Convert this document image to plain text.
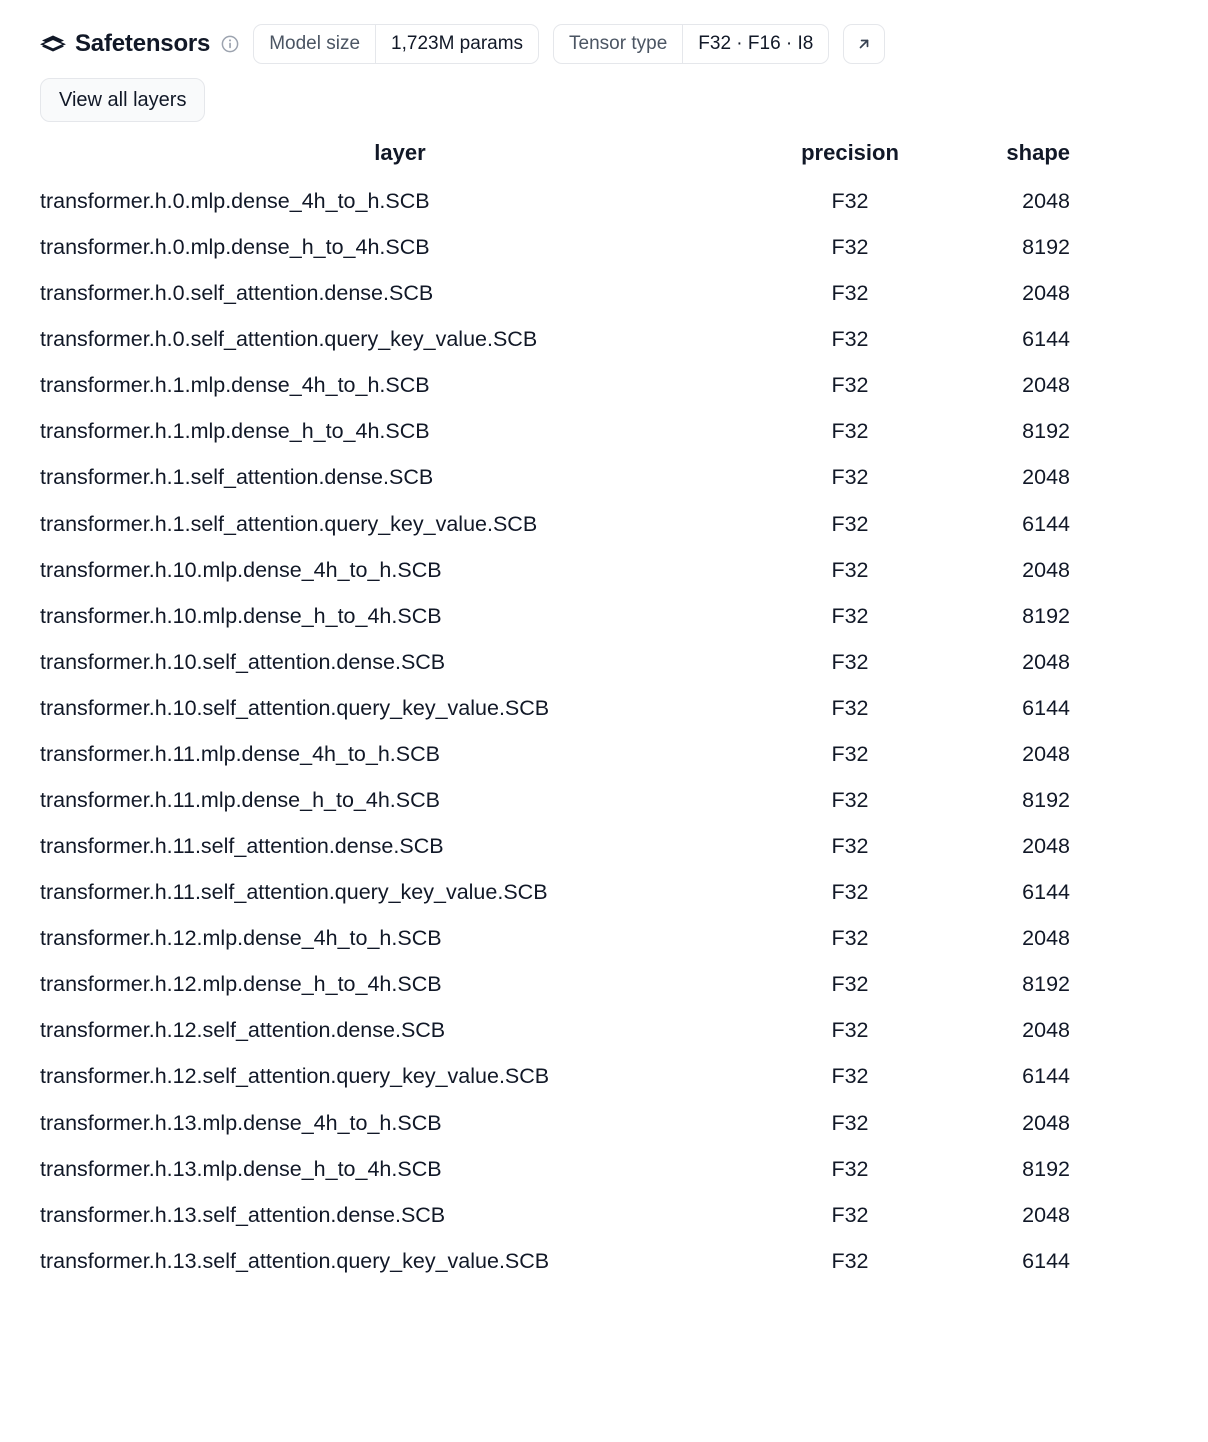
Safetensors	Model size	1,723M params	Tensor type	F32 · F16 · I8
View all layers
layer	precision	shape
transformer.h.0.mlp.dense_4h_to_h.SCB	F32	2048
transformer.h.0.mlp.dense_h_to_4h.SCB	F32	8192
transformer.h.0.self_attention.dense.SCB	F32	2048
transformer.h.0.self_attention.query_key_value.SCB	F32	6144
transformer.h.1.mlp.dense_4h_to_h.SCB	F32	2048
transformer.h.1.mlp.dense_h_to_4h.SCB	F32	8192
transformer.h.1.self_attention.dense.SCB	F32	2048
transformer.h.1.self_attention.query_key_value.SCB	F32	6144
transformer.h.10.mlp.dense_4h_to_h.SCB	F32	2048
transformer.h.10.mlp.dense_h_to_4h.SCB	F32	8192
transformer.h.10.self_attention.dense.SCB	F32	2048
transformer.h.10.self_attention.query_key_value.SCB	F32	6144
transformer.h.11.mlp.dense_4h_to_h.SCB	F32	2048
transformer.h.11.mlp.dense_h_to_4h.SCB	F32	8192
transformer.h.11.self_attention.dense.SCB	F32	2048
transformer.h.11.self_attention.query_key_value.SCB	F32	6144
transformer.h.12.mlp.dense_4h_to_h.SCB	F32	2048
transformer.h.12.mlp.dense_h_to_4h.SCB	F32	8192
transformer.h.12.self_attention.dense.SCB	F32	2048
transformer.h.12.self_attention.query_key_value.SCB	F32	6144
transformer.h.13.mlp.dense_4h_to_h.SCB	F32	2048
transformer.h.13.mlp.dense_h_to_4h.SCB	F32	8192
transformer.h.13.self_attention.dense.SCB	F32	2048
transformer.h.13.self_attention.query_key_value.SCB	F32	6144
